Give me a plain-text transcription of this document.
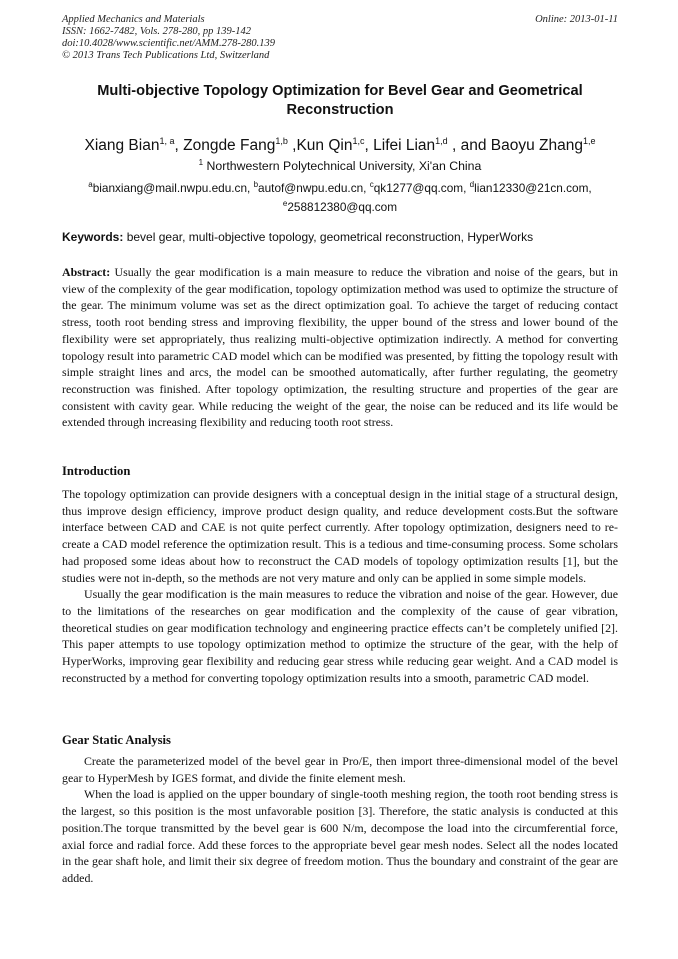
Applied Mechanics and Materials
ISSN: 1662-7482, Vols. 278-280, pp 139-142
doi:10.4028/www.scientific.net/AMM.278-280.139
© 2013 Trans Tech Publications Ltd, Switzerland
Online: 2013-01-11
Multi-objective Topology Optimization for Bevel Gear and Geometrical Reconstruction
Xiang Bian$^{1, a}$, Zongde Fang$^{1,b}$ ,Kun Qin$^{1,c}$, Lifei Lian$^{1,d}$ , and Baoyu Zhang$^{1,e}$
$^1$ Northwestern Polytechnical University, Xi'an China
$^a$bianxiang@mail.nwpu.edu.cn, $^b$autof@nwpu.edu.cn, $^c$qk1277@qq.com, $^d$lian12330@21cn.com,
$^e$258812380@qq.com
Keywords: bevel gear, multi-objective topology, geometrical reconstruction, HyperWorks

Abstract: Usually the gear modification is a main measure to reduce the vibration and noise of the gears, but in view of the complexity of the gear modification, topology optimization method was used to optimize the structure of the gear. The minimum volume was set as the direct optimization goal. To achieve the target of reducing contact stress, tooth root bending stress and improving flexibility, the upper bound of the stress and lower bound of the flexibility were set appropriately, thus realizing multi-objective optimization indirectly. A method for converting topology result into parametric CAD model which can be modified was presented, by fitting the topology result with simple straight lines and arcs, the model can be smoothed automatically, after further regulating, the geometry reconstruction was finished. After topology optimization, the resulting structure and properties of the gear are consistent with cavity gear. While reducing the weight of the gear, the noise can be reduced and its life would be extended through increasing flexibility and reducing tooth root stress.

Introduction

The topology optimization can provide designers with a conceptual design in the initial stage of a structural design, thus improve design efficiency, improve product design quality, and reduce development costs.But the software interface between CAD and CAE is not quite perfect currently. After topology optimization, designers need to re-create a CAD model reference the optimization result. This is a tedious and time-consuming process. Some scholars had proposed some ideas about how to reconstruct the CAD models of topology optimization results [1], but the studies were not in-depth, so the methods are not very mature and only can be applied in some simple models.

Usually the gear modification is the main measures to reduce the vibration and noise of the gear. However, due to the limitations of the researches on gear modification and the complexity of the cause of gear vibration, theoretical studies on gear modification technology and engineering practice effects can’t be completely unified [2]. This paper attempts to use topology optimization method to optimize the structure of the gear, with the help of HyperWorks, improving gear flexibility and reducing gear stress while reducing gear weight. And a CAD model is reconstructed by a method for converting topology optimization results into a smooth, parametric CAD model.

Gear Static Analysis

Create the parameterized model of the bevel gear in Pro/E, then import three-dimensional model of the bevel gear to HyperMesh by IGES format, and divide the finite element mesh.

When the load is applied on the upper boundary of single-tooth meshing region, the tooth root bending stress is the largest, so this position is the most unfavorable position [3]. Therefore, the static analysis is conducted at this position.The torque transmitted by the bevel gear is 600 N/m, decompose the load into the circumferential force, axial force and radial force. Add these forces to the appropriate bevel gear mesh nodes. Select all the nodes located in the gear shaft hole, and limit their six degree of freedom motion. Thus the boundary and constraint of the gear are added.
